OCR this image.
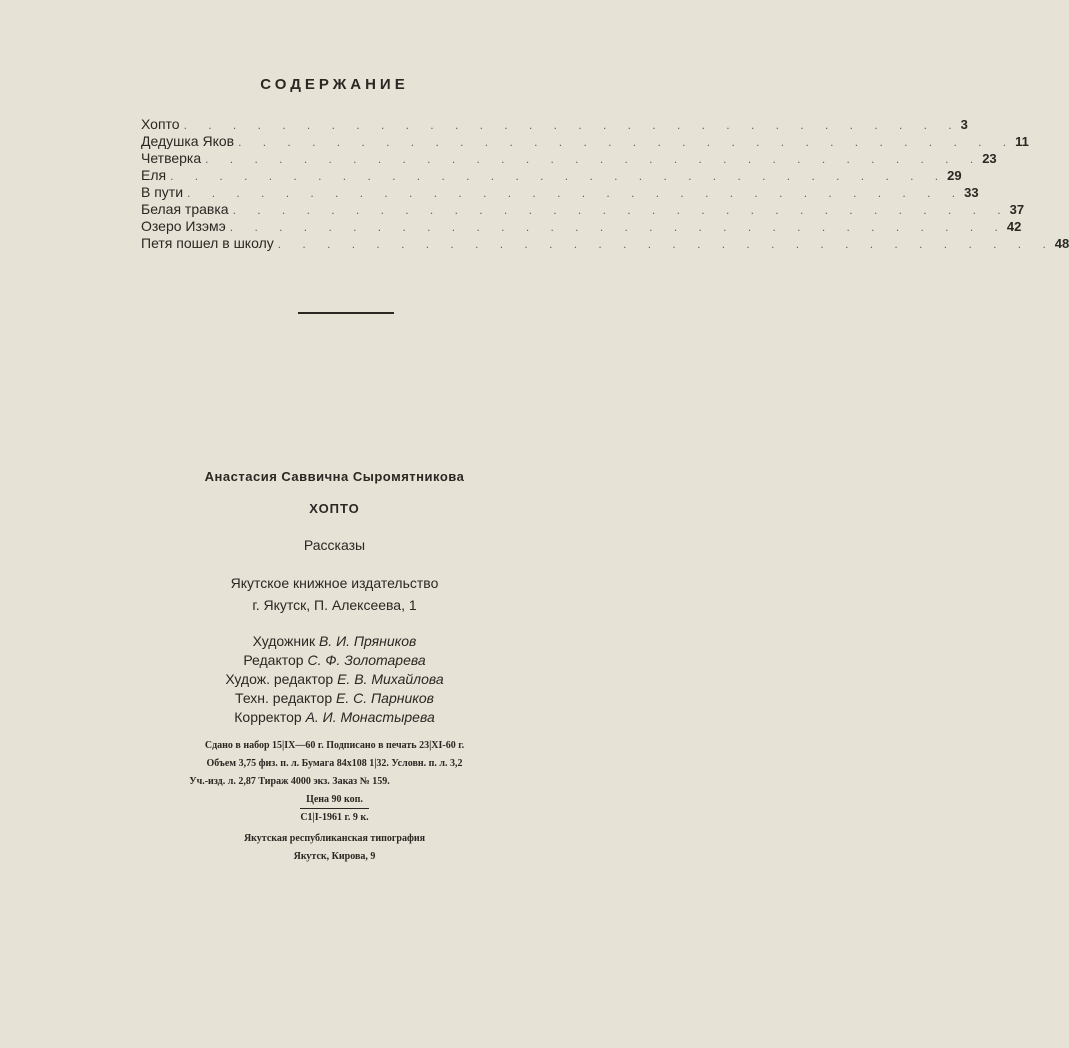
СОДЕРЖАНИЕ
Хопто . . . . . . . . . . . . . . . . . . . . . . . . . . . . . . . . 3
Дедушка Яков . . . . . . . . . . . . . . . . . . . . . . . . . . . . . . . . 11
Четверка . . . . . . . . . . . . . . . . . . . . . . . . . . . . . . . . 23
Еля . . . . . . . . . . . . . . . . . . . . . . . . . . . . . . . . 29
В пути . . . . . . . . . . . . . . . . . . . . . . . . . . . . . . . . 33
Белая травка . . . . . . . . . . . . . . . . . . . . . . . . . . . . . . . . 37
Озеро Изэмэ . . . . . . . . . . . . . . . . . . . . . . . . . . . . . . . . 42
Петя пошел в школу . . . . . . . . . . . . . . . . . . . . . . . . . . . . . . . . 48
Анастасия Саввична Сыромятникова
ХОПТО
Рассказы
Якутское книжное издательство
г. Якутск, П. Алексеева, 1
Художник В. И. Пряников
Редактор С. Ф. Золотарева
Худож. редактор Е. В. Михайлова
Техн. редактор Е. С. Парников
Корректор А. И. Монастырева
Сдано в набор 15|IX—60 г. Подписано в печать 23|XI-60 г.
Объем 3,75 физ. п. л. Бумага 84х108 1|32. Условн. п. л. 3,2
Уч.-изд. л. 2,87 Тираж 4000 экз. Заказ № 159.
Цена 90 коп.
С1|I-1961 г. 9 к.
Якутская республиканская типография
Якутск, Кирова, 9
